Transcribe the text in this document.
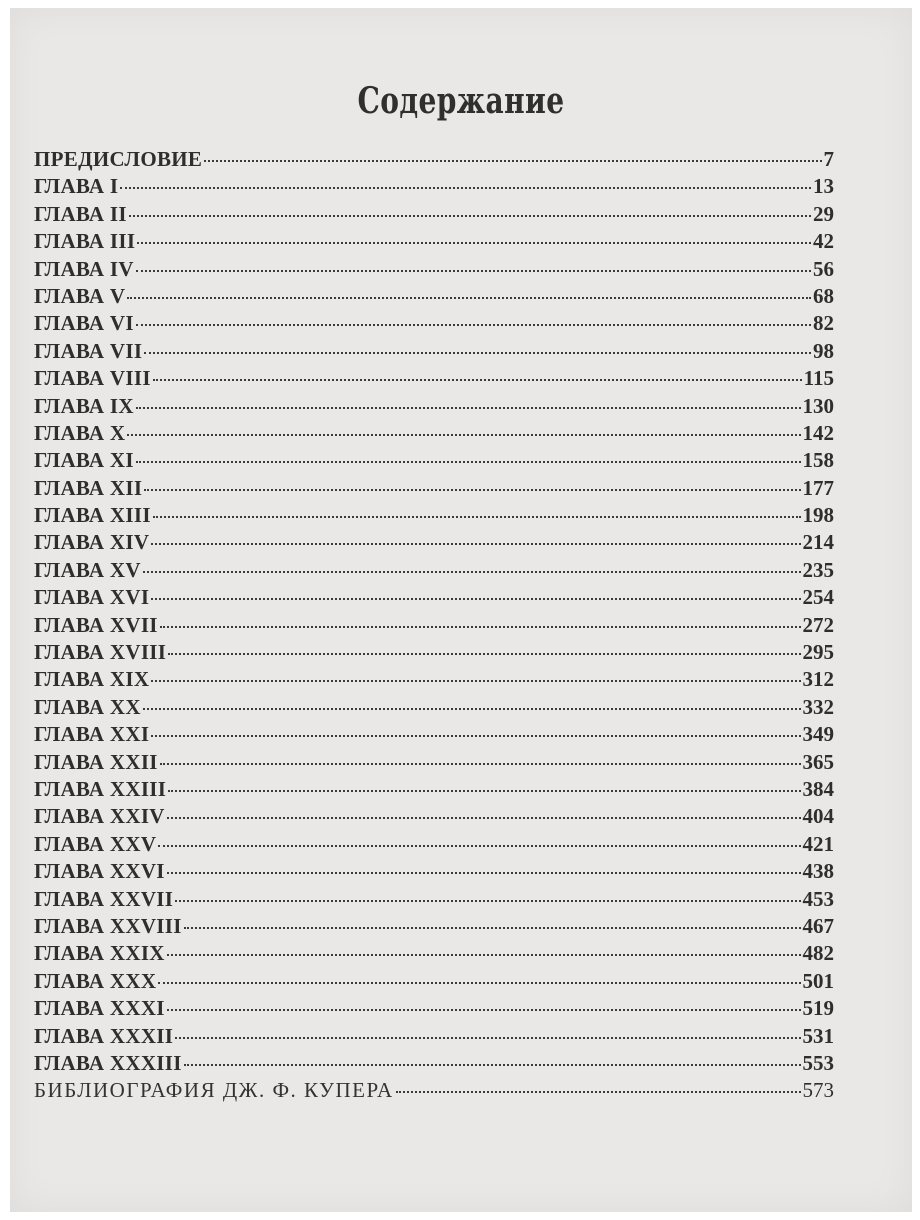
Содержание
ПРЕДИСЛОВИЕ	7
ГЛАВА I	13
ГЛАВА II	29
ГЛАВА III	42
ГЛАВА IV	56
ГЛАВА V	68
ГЛАВА VI	82
ГЛАВА VII	98
ГЛАВА VIII	115
ГЛАВА IX	130
ГЛАВА X	142
ГЛАВА XI	158
ГЛАВА XII	177
ГЛАВА XIII	198
ГЛАВА XIV	214
ГЛАВА XV	235
ГЛАВА XVI	254
ГЛАВА XVII	272
ГЛАВА XVIII	295
ГЛАВА XIX	312
ГЛАВА XX	332
ГЛАВА XXI	349
ГЛАВА XXII	365
ГЛАВА XXIII	384
ГЛАВА XXIV	404
ГЛАВА XXV	421
ГЛАВА XXVI	438
ГЛАВА XXVII	453
ГЛАВА XXVIII	467
ГЛАВА XXIX	482
ГЛАВА XXX	501
ГЛАВА XXXI	519
ГЛАВА XXXII	531
ГЛАВА XXXIII	553
БИБЛИОГРАФИЯ ДЖ. Ф. КУПЕРА	573
